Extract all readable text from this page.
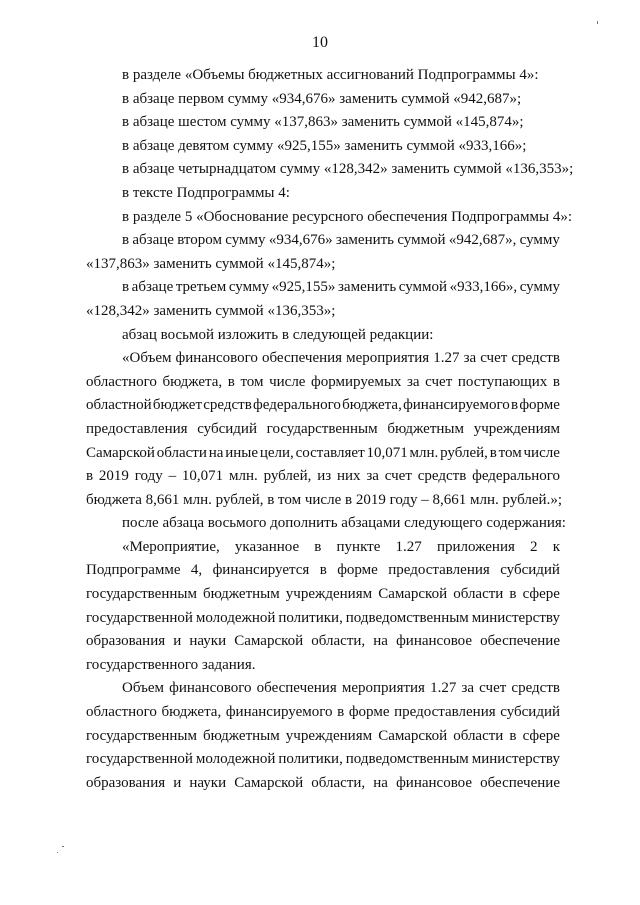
10
в разделе «Объемы бюджетных ассигнований Подпрограммы 4»:
в абзаце первом сумму «934,676» заменить суммой «942,687»;
в абзаце шестом сумму «137,863» заменить суммой «145,874»;
в абзаце девятом сумму «925,155» заменить суммой «933,166»;
в абзаце четырнадцатом сумму «128,342» заменить суммой «136,353»;
в тексте Подпрограммы 4:
в разделе 5 «Обоснование ресурсного обеспечения Подпрограммы 4»:
в абзаце втором сумму «934,676» заменить суммой «942,687», сумму
«137,863» заменить суммой «145,874»;
в абзаце третьем сумму «925,155» заменить суммой «933,166», сумму
«128,342» заменить суммой «136,353»;
абзац восьмой изложить в следующей редакции:
«Объем финансового обеспечения мероприятия 1.27 за счет средств
областного бюджета, в том числе формируемых за счет поступающих в
областной бюджет средств федерального бюджета, финансируемого в форме
предоставления субсидий государственным бюджетным учреждениям
Самарской области на иные цели, составляет 10,071 млн. рублей, в том числе
в 2019 году – 10,071 млн. рублей, из них за счет средств федерального
бюджета 8,661 млн. рублей, в том числе в 2019 году – 8,661 млн. рублей.»;
после абзаца восьмого дополнить абзацами следующего содержания:
«Мероприятие, указанное в пункте 1.27 приложения 2 к
Подпрограмме 4, финансируется в форме предоставления субсидий
государственным бюджетным учреждениям Самарской области в сфере
государственной молодежной политики, подведомственным министерству
образования и науки Самарской области, на финансовое обеспечение
государственного задания.
Объем финансового обеспечения мероприятия 1.27 за счет средств
областного бюджета, финансируемого в форме предоставления субсидий
государственным бюджетным учреждениям Самарской области в сфере
государственной молодежной политики, подведомственным министерству
образования и науки Самарской области, на финансовое обеспечение
